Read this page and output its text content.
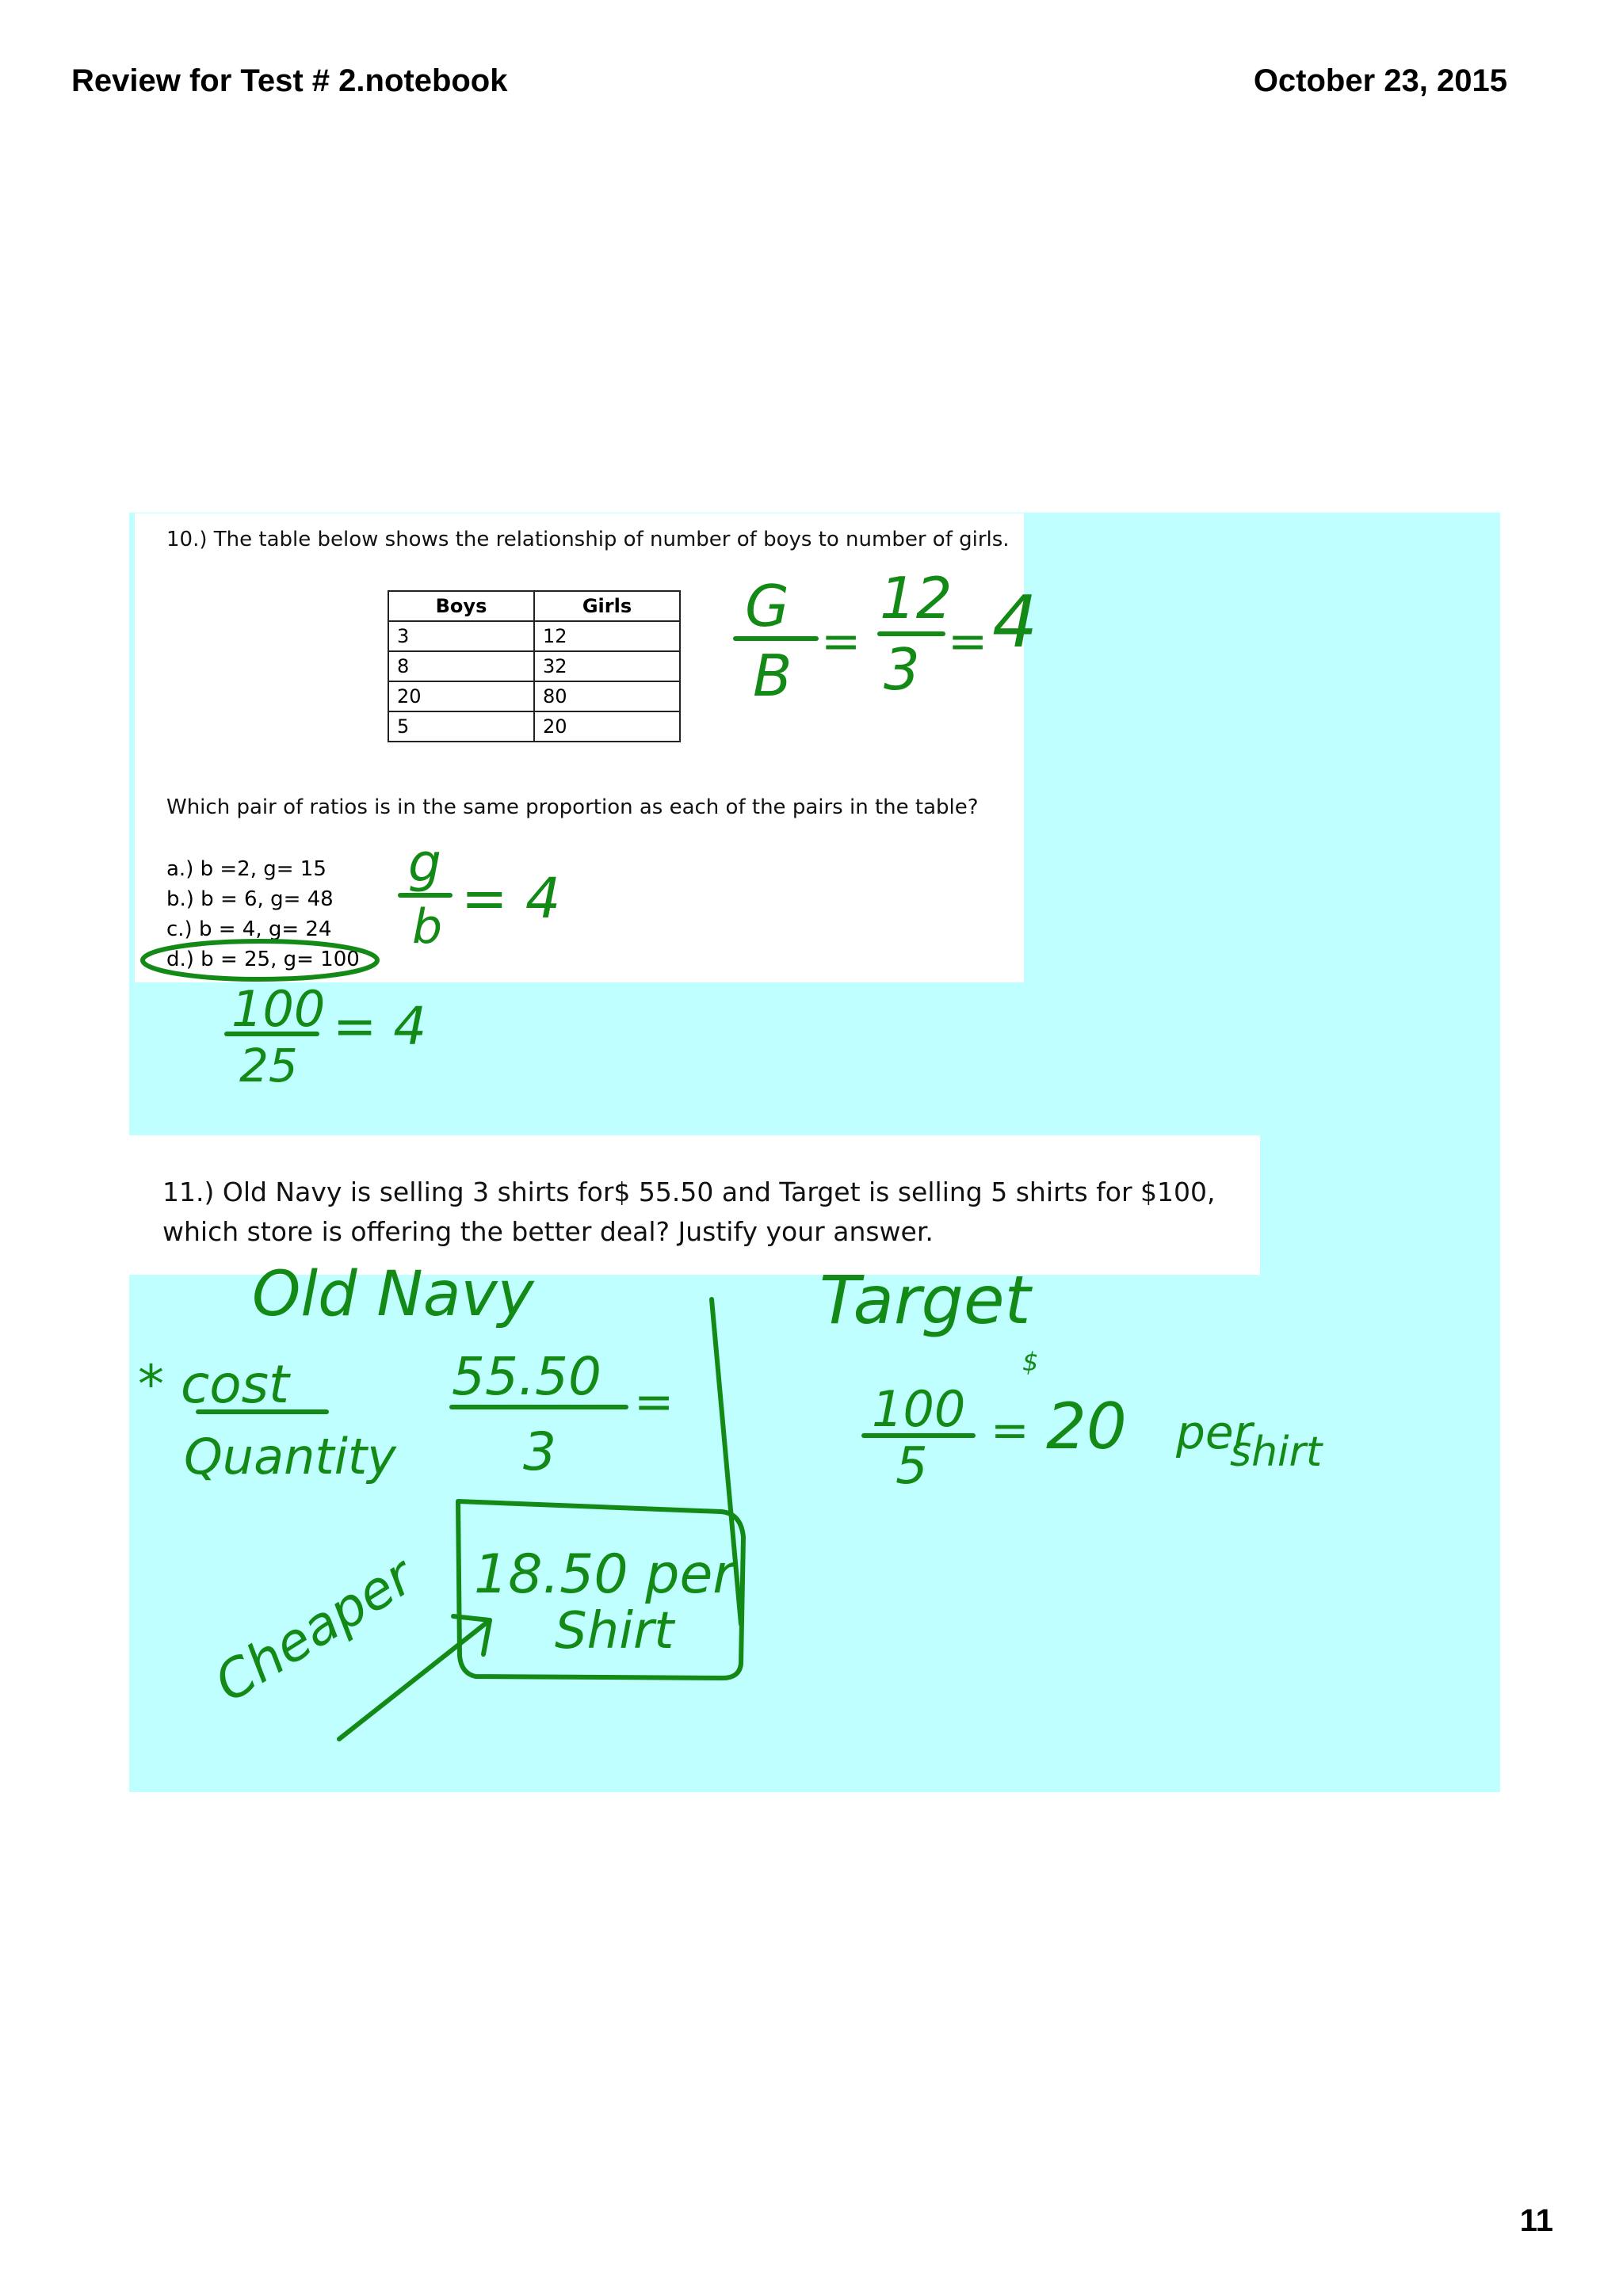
Review for Test # 2.notebook	October 23, 2015
10.) The table below shows the relationship of number of boys to number of girls.
Boys	Girls
3	12
8	32
20	80
5	20
Which pair of ratios is in the same proportion as each of the pairs in the table?
a.) b =2, g= 15
b.) b = 6, g= 48
c.) b = 4, g= 24
d.) b = 25, g= 100
11.) Old Navy is selling 3 shirts for$ 55.50 and Target is selling 5 shirts for $100,
which store is offering the better deal? Justify your answer.
G
B
=
12
3 = 4
g
b = 4
100
25
= 4
Old Navy
* cost
Quantity
55.50 =
3
18.50 per
Shirt
Cheaper
Target
100
5
$
= 20 per
shirt
11
